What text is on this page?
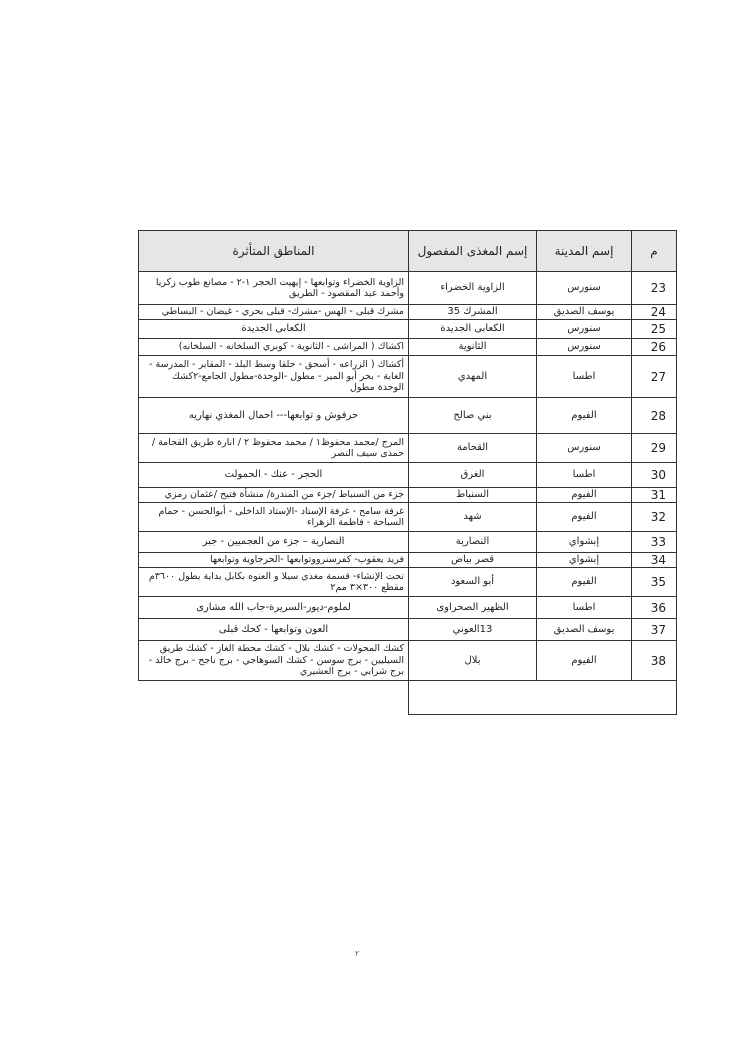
م	إسم المدينة	إسم المغذى المفصول	المناطق المتأثرة
23	سنورس	الزاوية الخضراء	الزاوية الخضراء وتوابعها - إيهيت الحجر ١-٢ - مصانع طوب زكريا وأحمد عبد المقصود - الطريق
24	يوسف الصديق	المشرك 35	مشرك قبلى - الهس -مشرك- قبلى بحري - غيضان - البساطي
25	سنورس	الكعابى الجديدة	الكعابى الجديدة
26	سنورس	الثانوية	اكشاك ( المراشى - الثانوية - كوبري السلخانه - السلخانه)
27	اطسا	المهدي	أكشاك ( الزراعه - أسحق - حلقا وسط البلد - المقابر - المدرسة - الغابة - بحر أبو المير - مطول -الوحدة-مطول الجامع-٢كشك الوحدة مطول
28	الفيوم	بني صالح	حرفوش و توابعها--- احمال المغذي نهاريه
29	سنورس	القحامة	المرج /محمد محفوظ١ / محمد محفوظ ٢ / انارة طريق القحامة / حمدى سيف النصر
30	اطسا	الغرق	الحجر - عنك - الحمولت
31	الفيوم	السنباط	جزء من السنباط /جزء من المندرة/ منشأة فتيح /عثمان رمزي
32	الفيوم	شهد	غرفة سامح - غرفة الإستاد -الإستاد الداخلى - أبوالحسن - حمام السباحة - فاطمة الزهراء
33	إبشواي	النصارية	النصارية – جزء من العجميين - جبر
34	إبشواي	قصر بياض	فريد يعقوب- كفرسنرووتوابعها -الحرجاوية وتوابعها
35	الفيوم	أبو السعود	تحت الإنشاء- قسمة مغذي سيلا و العنوه بكابل بداية بطول ٣٦٠٠م مقطع ٣٠٠×٣ مم٢
36	اطسا	الظهير الصحراوى	لملوم-ديور-السريرة-جاب الله مشارى
37	يوسف الصديق	13العوني	العون وتوابعها - كحك قبلى
38	الفيوم	بلال	كشك المحولات - كشك بلال - كشك محطة الغاز - كشك طريق السيليين - برج سوسن - كشك السوهاجي - برج ناجح - برج خالد - برج شرابي - برج العشيري

٢
